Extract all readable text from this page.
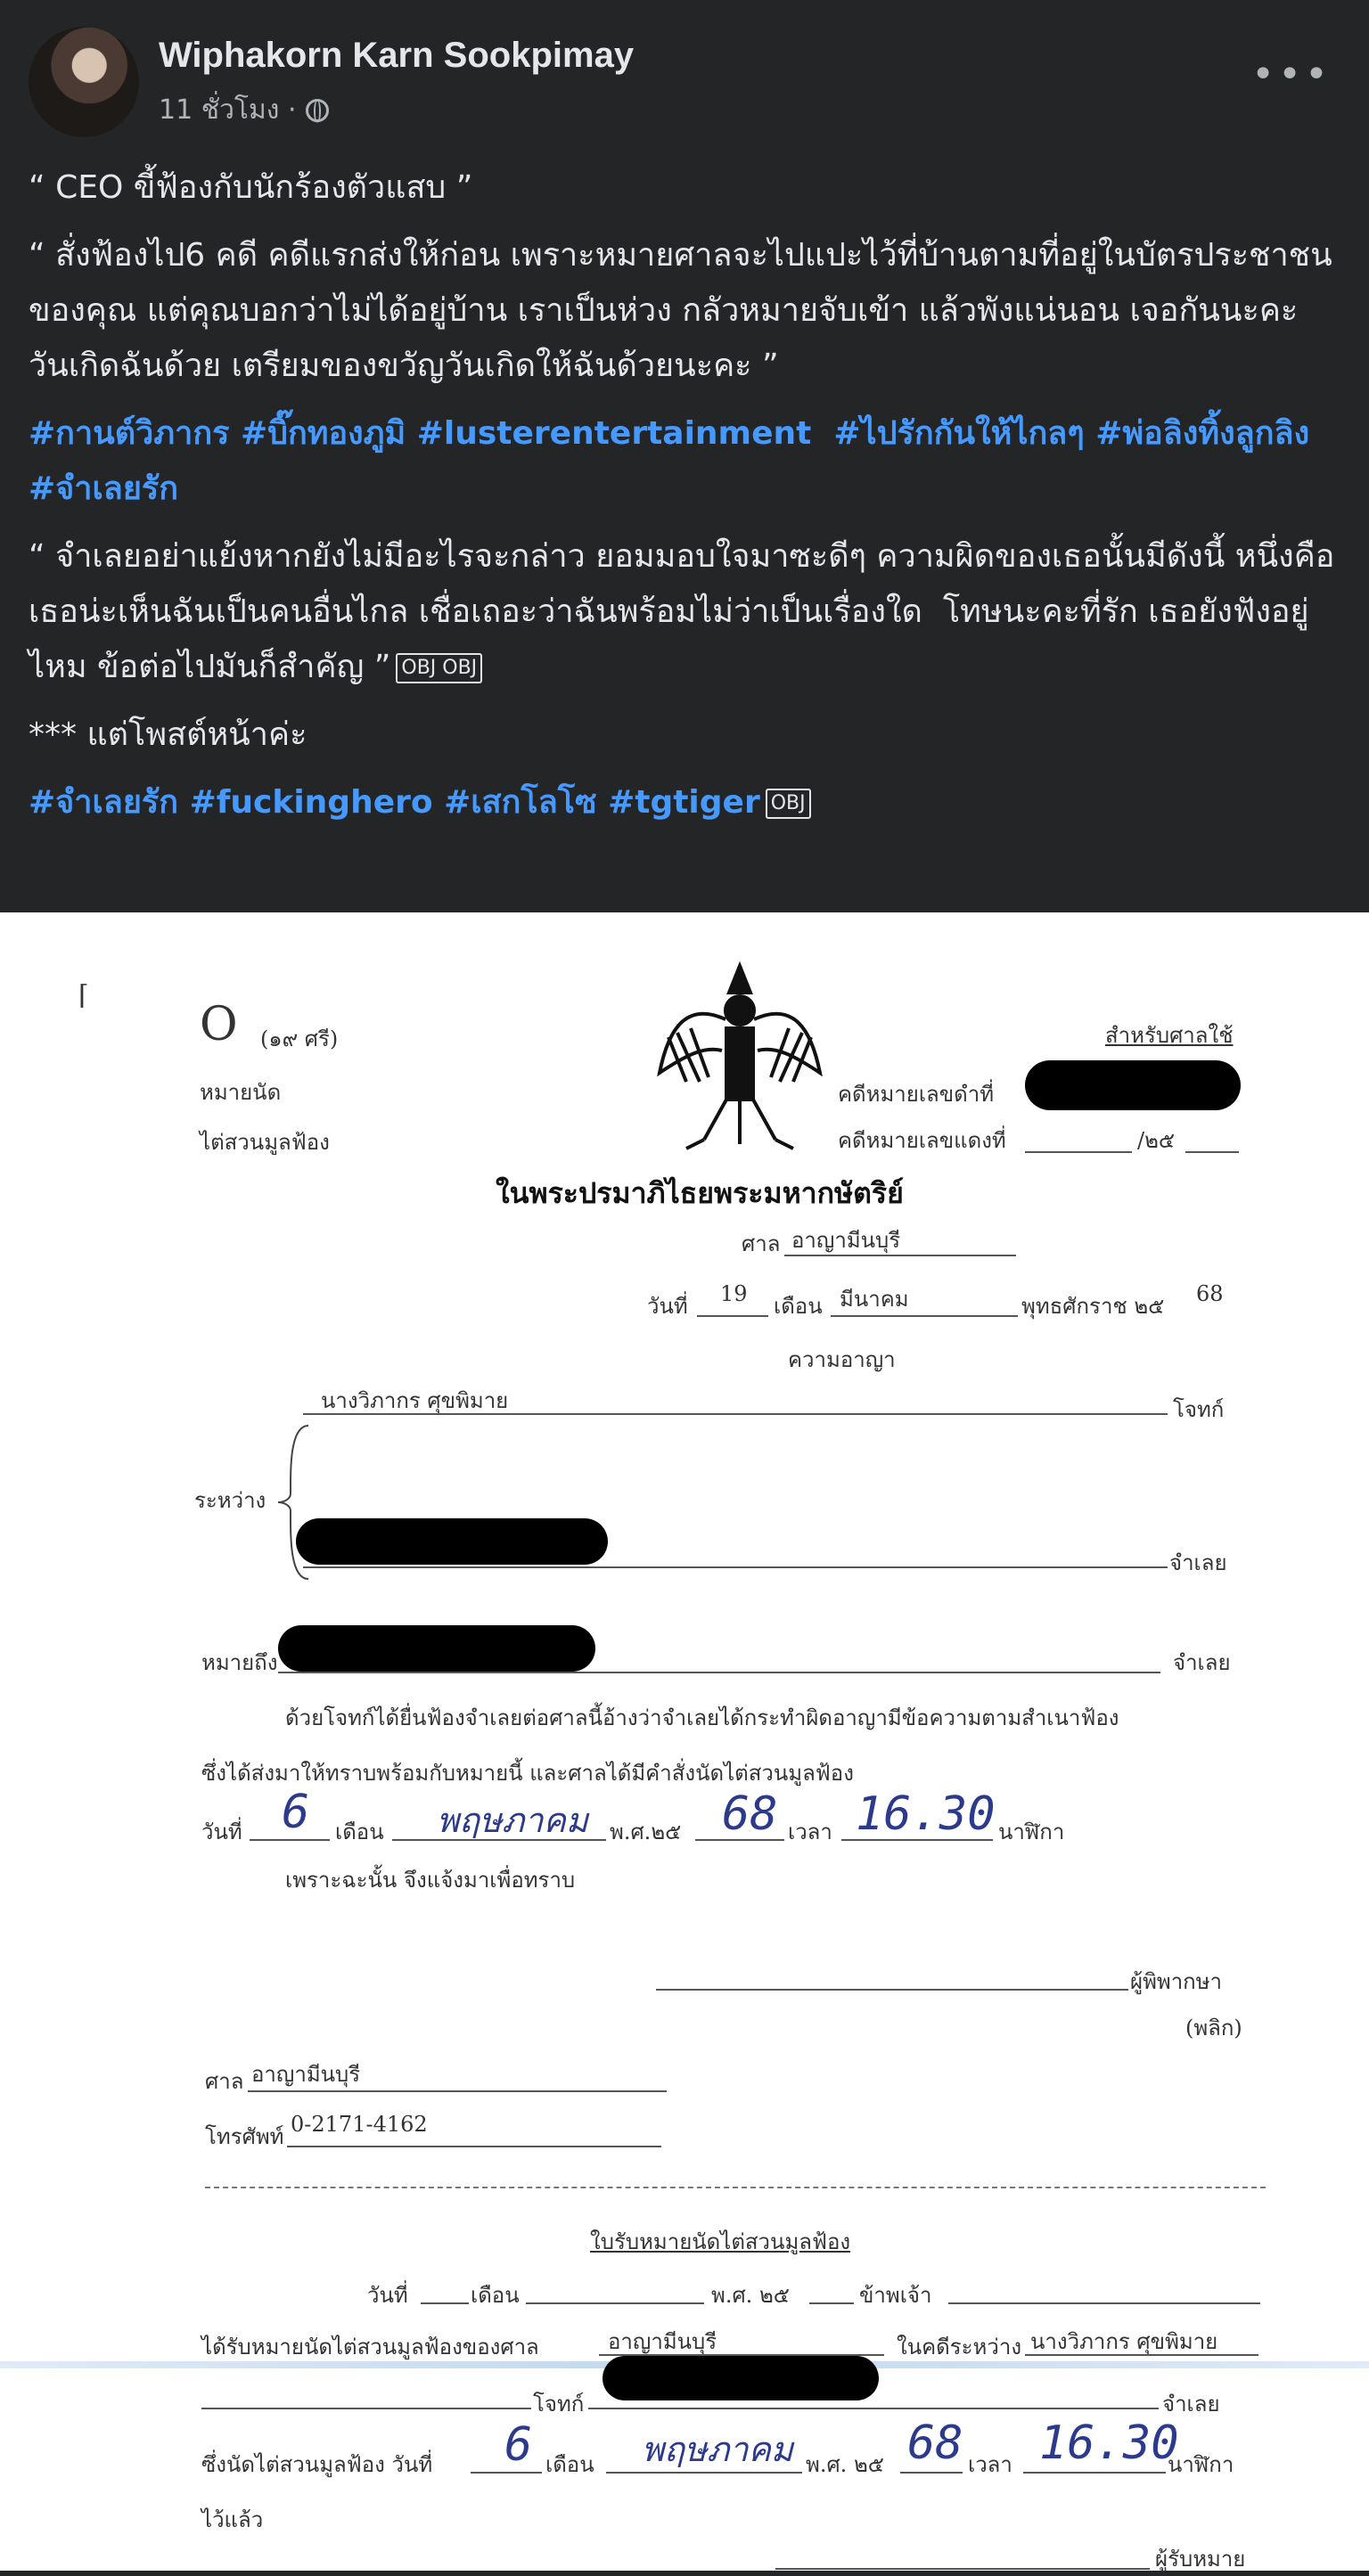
Wiphakorn Karn Sookpimay
11 ชั่วโมง ·
•••

“ CEO ขี้ฟ้องกับนักร้องตัวแสบ ”

“ สั่งฟ้องไป6 คดี คดีแรกส่งให้ก่อน เพราะหมายศาลจะไปแปะไว้ที่บ้านตามที่อยู่ในบัตรประชาชนของคุณ แต่คุณบอกว่าไม่ได้อยู่บ้าน เราเป็นห่วง กลัวหมายจับเข้า แล้วพังแน่นอน เจอกันนะคะ วันเกิดฉันด้วย เตรียมของขวัญวันเกิดให้ฉันด้วยนะคะ ”

#กานต์วิภากร #บิ๊กทองภูมิ #lusterentertainment  #ไปรักกันให้ไกลๆ #พ่อลิงทิ้งลูกลิง #จำเลยรัก

“ จำเลยอย่าแย้งหากยังไม่มีอะไรจะกล่าว ยอมมอบใจมาซะดีๆ ความผิดของเธอนั้นมีดังนี้ หนึ่งคือเธอน่ะเห็นฉันเป็นคนอื่นไกล เชื่อเถอะว่าฉันพร้อมไม่ว่าเป็นเรื่องใด  โทษนะคะที่รัก เธอยังฟังอยู่ไหม ข้อต่อไปมันก็สำคัญ ” OBJ OBJ

*** แต่โพสต์หน้าค่ะ

#จำเลยรัก #fuckinghero #เสกโลโซ #tgtiger OBJ

⌈
O (๑๙ ศรี)
หมายนัด
ไต่สวนมูลฟ้อง
สำหรับศาลใช้
คดีหมายเลขดำที่
คดีหมายเลขแดงที่	/๒๕
ในพระปรมาภิไธยพระมหากษัตริย์
ศาล อาญามีนบุรี
วันที่ 19 เดือน มีนาคม	พุทธศักราช ๒๕ 68
ความอาญา
นางวิภากร ศุขพิมาย	โจทก์
ระหว่าง
จำเลย
หมายถึง	จำเลย
ด้วยโจทก์ได้ยื่นฟ้องจำเลยต่อศาลนี้อ้างว่าจำเลยได้กระทำผิดอาญามีข้อความตามสำเนาฟ้อง
ซึ่งได้ส่งมาให้ทราบพร้อมกับหมายนี้ และศาลได้มีคำสั่งนัดไต่สวนมูลฟ้อง
วันที่ 6 เดือน พฤษภาคม พ.ศ.๒๕ 68 เวลา 16.30 นาฬิกา
เพราะฉะนั้น จึงแจ้งมาเพื่อทราบ
ผู้พิพากษา
(พลิก)
ศาล อาญามีนบุรี
โทรศัพท์ 0-2171-4162
ใบรับหมายนัดไต่สวนมูลฟ้อง
วันที่	เดือน	พ.ศ. ๒๕	ข้าพเจ้า
ได้รับหมายนัดไต่สวนมูลฟ้องของศาล	อาญามีนบุรี	ในคดีระหว่าง นางวิภากร ศุขพิมาย
โจทก์	จำเลย
ซึ่งนัดไต่สวนมูลฟ้อง วันที่ 6 เดือน พฤษภาคม พ.ศ. ๒๕ 68 เวลา 16.30
นาฬิกา
ไว้แล้ว
ผู้รับหมาย
